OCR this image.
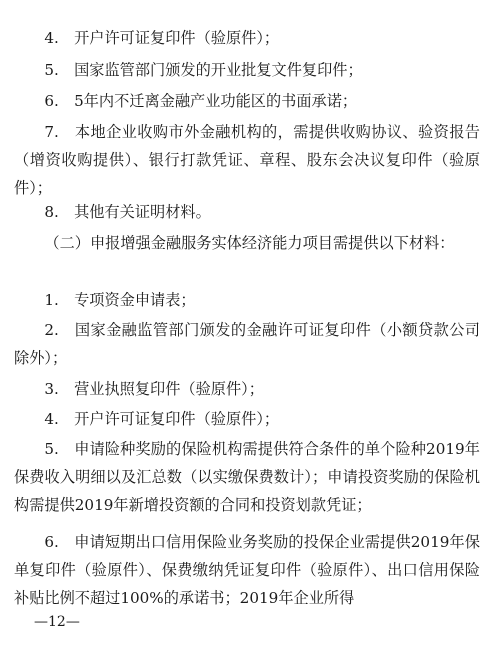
4.　开户许可证复印件（验原件）；

5.　国家监管部门颁发的开业批复文件复印件；

6.　5年内不迁离金融产业功能区的书面承诺；

7.　本地企业收购市外金融机构的，需提供收购协议、验资报告（增资收购提供）、银行打款凭证、章程、股东会决议复印件（验原件）；

8.　其他有关证明材料。

（二）申报增强金融服务实体经济能力项目需提供以下材料：

1.　专项资金申请表；

2.　国家金融监管部门颁发的金融许可证复印件（小额贷款公司除外）；

3.　营业执照复印件（验原件）；

4.　开户许可证复印件（验原件）；

5.　申请险种奖励的保险机构需提供符合条件的单个险种2019年保费收入明细以及汇总数（以实缴保费数计）；申请投资奖励的保险机构需提供2019年新增投资额的合同和投资划款凭证；

6.　申请短期出口信用保险业务奖励的投保企业需提供2019年保单复印件（验原件）、保费缴纳凭证复印件（验原件）、出口信用保险补贴比例不超过100%的承诺书；2019年企业所得

—12—
